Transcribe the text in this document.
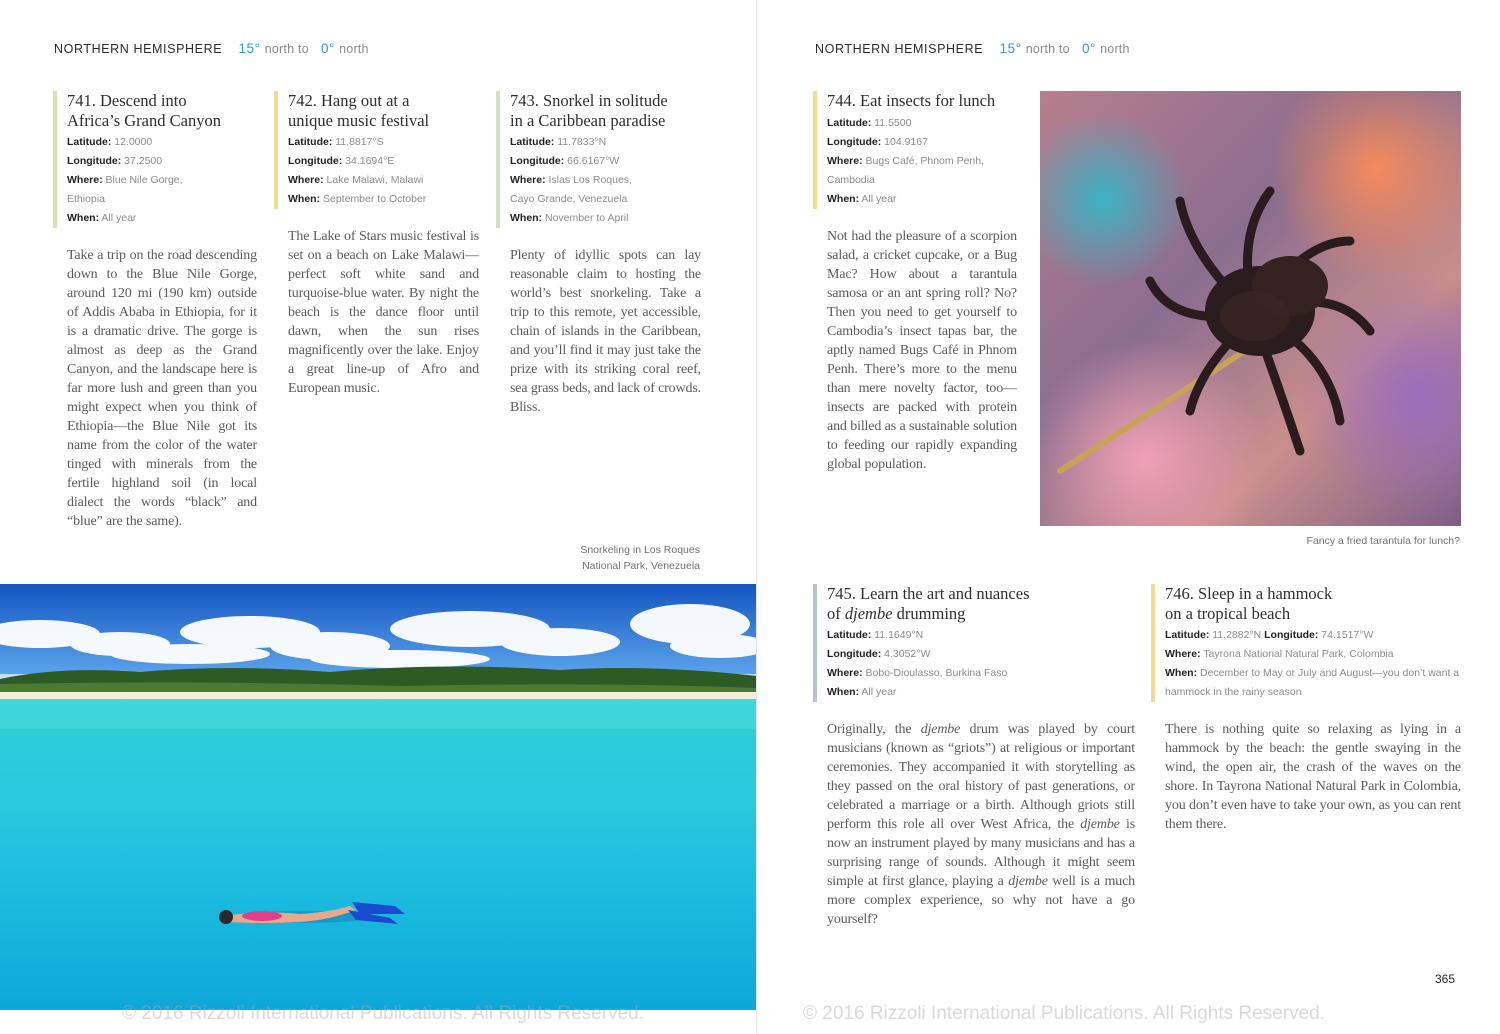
NORTHERN HEMISPHERE 15° north to 0° north
741. Descend into
Africa’s Grand Canyon
Latitude: 12.0000
Longitude: 37.2500
Where: Blue Nile Gorge,
Ethiopia
When: All year

Take a trip on the road descending down to the Blue Nile Gorge, around 120 mi (190 km) outside of Addis Ababa in Ethiopia, for it is a dramatic drive. The gorge is almost as deep as the Grand Canyon, and the landscape here is far more lush and green than you might expect when you think of Ethiopia—the Blue Nile got its name from the color of the water tinged with minerals from the fertile highland soil (in local dialect the words “black” and “blue” are the same).

742. Hang out at a
unique music festival
Latitude: 11.8817°S
Longitude: 34.1694°E
Where: Lake Malawi, Malawi
When: September to October

The Lake of Stars music festival is set on a beach on Lake Malawi—perfect soft white sand and turquoise-blue water. By night the beach is the dance floor until dawn, when the sun rises magnificently over the lake. Enjoy a great line-up of Afro and European music.

743. Snorkel in solitude
in a Caribbean paradise
Latitude: 11.7833°N
Longitude: 66.6167°W
Where: Islas Los Roques,
Cayo Grande, Venezuela
When: November to April

Plenty of idyllic spots can lay reasonable claim to hosting the world’s best snorkeling. Take a trip to this remote, yet accessible, chain of islands in the Caribbean, and you’ll find it may just take the prize with its striking coral reef, sea grass beds, and lack of crowds. Bliss.

Snorkeling in Los Roques
National Park, Venezuela
© 2016 Rizzoli International Publications. All Rights Reserved.
NORTHERN HEMISPHERE 15° north to 0° north
744. Eat insects for lunch
Latitude: 11.5500
Longitude: 104.9167
Where: Bugs Café, Phnom Penh,
Cambodia
When: All year

Not had the pleasure of a scorpion salad, a cricket cupcake, or a Bug Mac? How about a tarantula samosa or an ant spring roll? No? Then you need to get yourself to Cambodia’s insect tapas bar, the aptly named Bugs Café in Phnom Penh. There’s more to the menu than mere novelty factor, too—insects are packed with protein and billed as a sustainable solution to feeding our rapidly expanding global population.

Fancy a fried tarantula for lunch?
745. Learn the art and nuances
of djembe drumming
Latitude: 11.1649°N
Longitude: 4.3052°W
Where: Bobo-Dioulasso, Burkina Faso
When: All year

Originally, the djembe drum was played by court musicians (known as “griots”) at religious or important ceremonies. They accompanied it with storytelling as they passed on the oral history of past generations, or celebrated a marriage or a birth. Although griots still perform this role all over West Africa, the djembe is now an instrument played by many musicians and has a surprising range of sounds. Although it might seem simple at first glance, playing a djembe well is a much more complex experience, so why not have a go yourself?

746. Sleep in a hammock
on a tropical beach
Latitude: 11.2882°N Longitude: 74.1517°W
Where: Tayrona National Natural Park, Colombia
When: December to May or July and August—you don’t want a hammock in the rainy season

There is nothing quite so relaxing as lying in a hammock by the beach: the gentle swaying in the wind, the open air, the crash of the waves on the shore. In Tayrona National Natural Park in Colombia, you don’t even have to take your own, as you can rent them there.

365
© 2016 Rizzoli International Publications. All Rights Reserved.
